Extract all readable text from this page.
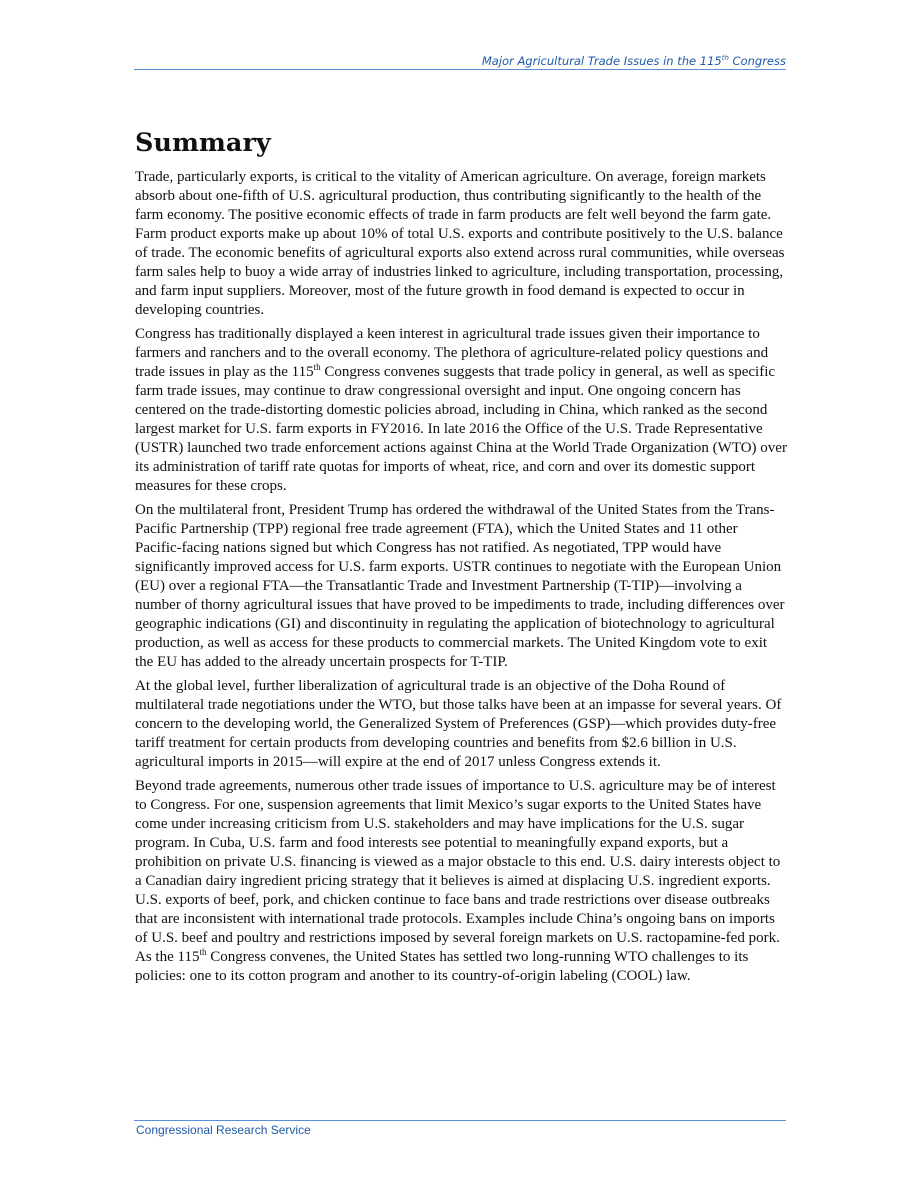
Major Agricultural Trade Issues in the 115th Congress
Summary

Trade, particularly exports, is critical to the vitality of American agriculture. On average, foreign markets absorb about one-fifth of U.S. agricultural production, thus contributing significantly to the health of the farm economy. The positive economic effects of trade in farm products are felt well beyond the farm gate. Farm product exports make up about 10% of total U.S. exports and contribute positively to the U.S. balance of trade. The economic benefits of agricultural exports also extend across rural communities, while overseas farm sales help to buoy a wide array of industries linked to agriculture, including transportation, processing, and farm input suppliers. Moreover, most of the future growth in food demand is expected to occur in developing countries.

Congress has traditionally displayed a keen interest in agricultural trade issues given their importance to farmers and ranchers and to the overall economy. The plethora of agriculture-related policy questions and trade issues in play as the 115th Congress convenes suggests that trade policy in general, as well as specific farm trade issues, may continue to draw congressional oversight and input. One ongoing concern has centered on the trade-distorting domestic policies abroad, including in China, which ranked as the second largest market for U.S. farm exports in FY2016. In late 2016 the Office of the U.S. Trade Representative (USTR) launched two trade enforcement actions against China at the World Trade Organization (WTO) over its administration of tariff rate quotas for imports of wheat, rice, and corn and over its domestic support measures for these crops.

On the multilateral front, President Trump has ordered the withdrawal of the United States from the Trans-Pacific Partnership (TPP) regional free trade agreement (FTA), which the United States and 11 other Pacific-facing nations signed but which Congress has not ratified. As negotiated, TPP would have significantly improved access for U.S. farm exports. USTR continues to negotiate with the European Union (EU) over a regional FTA—the Transatlantic Trade and Investment Partnership (T-TIP)—involving a number of thorny agricultural issues that have proved to be impediments to trade, including differences over geographic indications (GI) and discontinuity in regulating the application of biotechnology to agricultural production, as well as access for these products to commercial markets. The United Kingdom vote to exit the EU has added to the already uncertain prospects for T-TIP.

At the global level, further liberalization of agricultural trade is an objective of the Doha Round of multilateral trade negotiations under the WTO, but those talks have been at an impasse for several years. Of concern to the developing world, the Generalized System of Preferences (GSP)—which provides duty-free tariff treatment for certain products from developing countries and benefits from $2.6 billion in U.S. agricultural imports in 2015—will expire at the end of 2017 unless Congress extends it.

Beyond trade agreements, numerous other trade issues of importance to U.S. agriculture may be of interest to Congress. For one, suspension agreements that limit Mexico’s sugar exports to the United States have come under increasing criticism from U.S. stakeholders and may have implications for the U.S. sugar program. In Cuba, U.S. farm and food interests see potential to meaningfully expand exports, but a prohibition on private U.S. financing is viewed as a major obstacle to this end. U.S. dairy interests object to a Canadian dairy ingredient pricing strategy that it believes is aimed at displacing U.S. ingredient exports. U.S. exports of beef, pork, and chicken continue to face bans and trade restrictions over disease outbreaks that are inconsistent with international trade protocols. Examples include China’s ongoing bans on imports of U.S. beef and poultry and restrictions imposed by several foreign markets on U.S. ractopamine-fed pork. As the 115th Congress convenes, the United States has settled two long-running WTO challenges to its policies: one to its cotton program and another to its country-of-origin labeling (COOL) law.

Congressional Research Service
